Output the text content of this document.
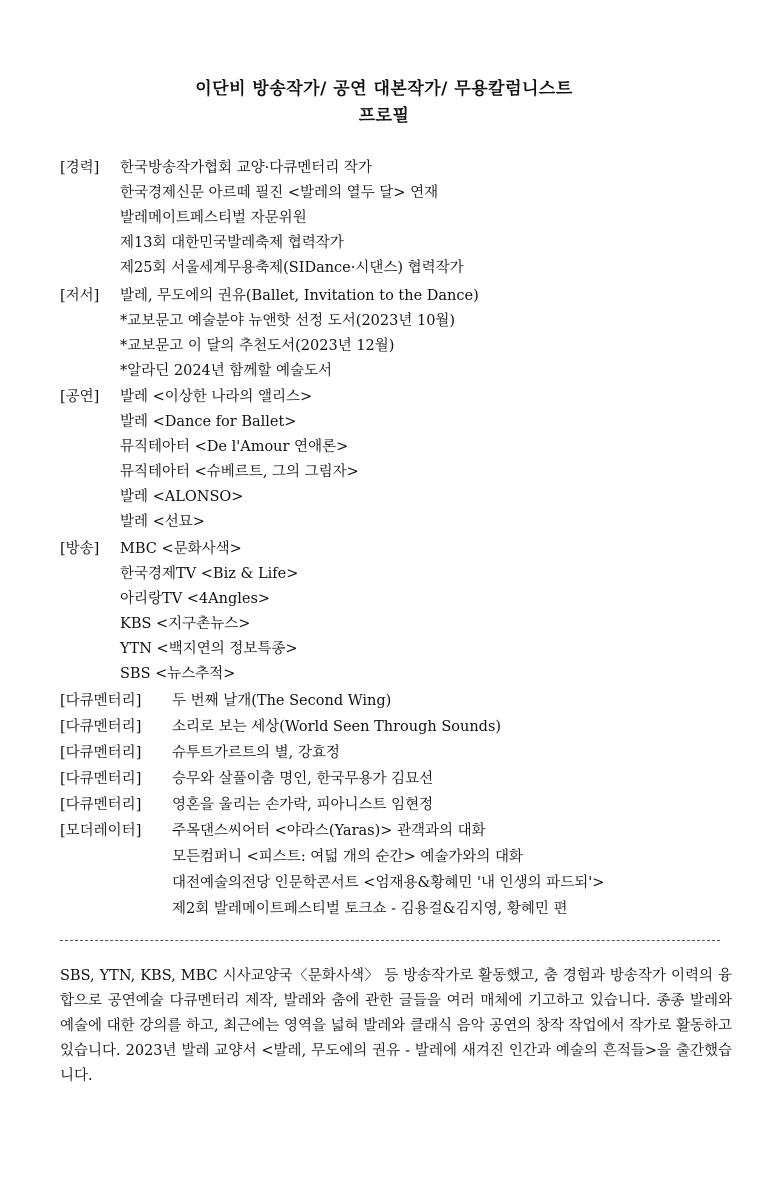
이단비 방송작가/ 공연 대본작가/ 무용칼럼니스트
프로필
[경력] 한국방송작가협회 교양·다큐멘터리 작가
한국경제신문 아르떼 필진 <발레의 열두 달> 연재
발레메이트페스티벌 자문위원
제13회 대한민국발레축제 협력작가
제25회 서울세계무용축제(SIDance·시댄스) 협력작가
[저서] 발레, 무도에의 권유(Ballet, Invitation to the Dance)
*교보문고 예술분야 뉴앤핫 선정 도서(2023년 10월)
*교보문고 이 달의 추천도서(2023년 12월)
*알라딘 2024년 함께할 예술도서
[공연] 발레 <이상한 나라의 앨리스>
발레 <Dance for Ballet>
뮤직테아터 <De l'Amour 연애론>
뮤직테아터 <슈베르트, 그의 그림자>
발레 <ALONSO>
발레 <선묘>
[방송] MBC <문화사색>
한국경제TV <Biz & Life>
아리랑TV <4Angles>
KBS <지구촌뉴스>
YTN <백지연의 정보특종>
SBS <뉴스추적>
[다큐멘터리] 두 번째 날개(The Second Wing)
[다큐멘터리] 소리로 보는 세상(World Seen Through Sounds)
[다큐멘터리] 슈투트가르트의 별, 강효정
[다큐멘터리] 승무와 살풀이춤 명인, 한국무용가 김묘선
[다큐멘터리] 영혼을 울리는 손가락, 피아니스트 임현정
[모더레이터] 주목댄스씨어터 <야라스(Yaras)> 관객과의 대화
모든컴퍼니 <피스트: 여덟 개의 순간> 예술가와의 대화
대전예술의전당 인문학콘서트 <엄재용&황혜민 '내 인생의 파드되'>
제2회 발레메이트페스티벌 토크쇼 - 김용걸&김지영, 황혜민 편
SBS, YTN, KBS, MBC 시사교양국〈문화사색〉 등 방송작가로 활동했고, 춤 경험과 방송작가 이력의 융합으로 공연예술 다큐멘터리 제작, 발레와 춤에 관한 글들을 여러 매체에 기고하고 있습니다. 종종 발레와 예술에 대한 강의를 하고, 최근에는 영역을 넓혀 발레와 클래식 음악 공연의 창작 작업에서 작가로 활동하고 있습니다. 2023년 발레 교양서 <발레, 무도에의 권유 - 발레에 새겨진 인간과 예술의 흔적들>을 출간했습니다.
